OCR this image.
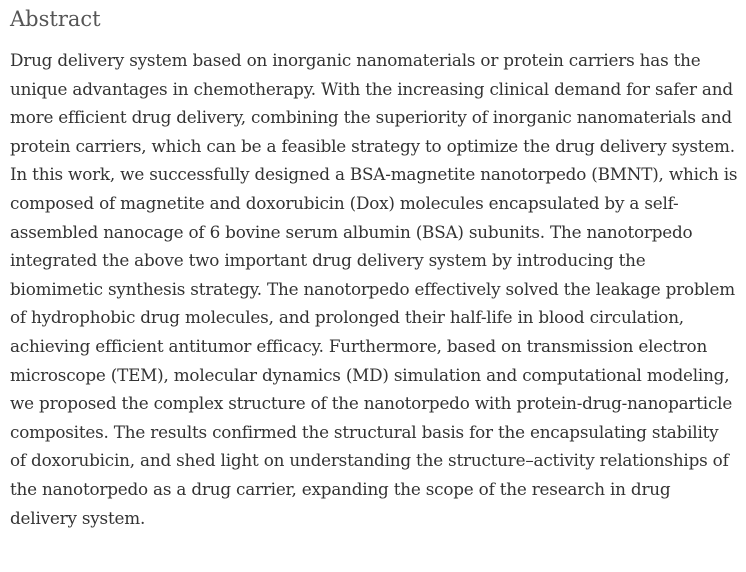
Abstract

Drug delivery system based on inorganic nanomaterials or protein carriers has the unique advantages in chemotherapy. With the increasing clinical demand for safer and more efficient drug delivery, combining the superiority of inorganic nanomaterials and protein carriers, which can be a feasible strategy to optimize the drug delivery system. In this work, we successfully designed a BSA-magnetite nanotorpedo (BMNT), which is composed of magnetite and doxorubicin (Dox) molecules encapsulated by a self-assembled nanocage of 6 bovine serum albumin (BSA) subunits. The nanotorpedo integrated the above two important drug delivery system by introducing the biomimetic synthesis strategy. The nanotorpedo effectively solved the leakage problem of hydrophobic drug molecules, and prolonged their half-life in blood circulation, achieving efficient antitumor efficacy. Furthermore, based on transmission electron microscope (TEM), molecular dynamics (MD) simulation and computational modeling, we proposed the complex structure of the nanotorpedo with protein-drug-nanoparticle composites. The results confirmed the structural basis for the encapsulating stability of doxorubicin, and shed light on understanding the structure–activity relationships of the nanotorpedo as a drug carrier, expanding the scope of the research in drug delivery system.
